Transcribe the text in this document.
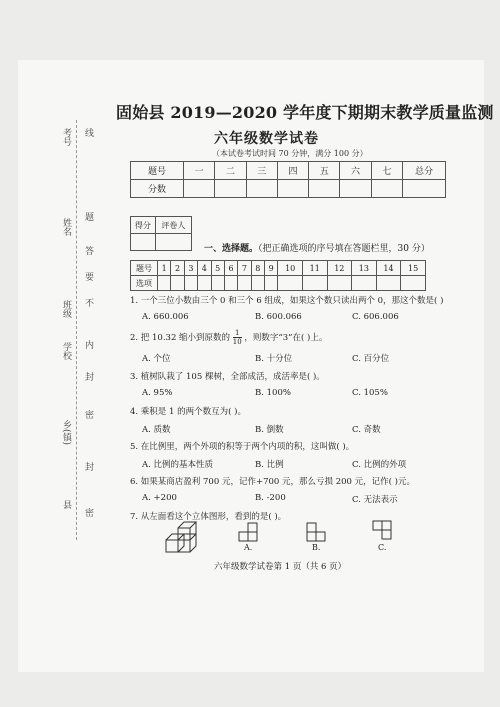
考号
姓名
班级
学校
乡(镇)
县
线
题
答
要
不
内
封
密
封
密
固始县 2019—2020 学年度下期期末教学质量监测
六年级数学试卷
（本试卷考试时间 70 分钟，满分 100 分）
题号	一	二	三	四	五	六	七	总分
分数								
得分	评卷人

一、选择题。（把正确选项的序号填在答题栏里，30 分）
题号	1	2	3	4	5	6	7	8	9	10	11	12	13	14	15
选项															
1. 一个三位小数由三个 0 和三个 6 组成，如果这个数只读出两个 0，那这个数是( )
A. 660.006	B. 600.066	C. 606.006
2. 把 10.32 缩小到原数的 $\frac{1}{10}$ ，则数字“3”在( )上。
A. 个位	B. 十分位	C. 百分位
3. 植树队栽了 105 棵树，全部成活，成活率是( )。
A. 95%	B. 100%	C. 105%
4. 乘积是 1 的两个数互为( )。
A. 质数	B. 倒数	C. 奇数
5. 在比例里，两个外项的积等于两个内项的积，这叫做( )。
A. 比例的基本性质	B. 比例	C. 比例的外项
6. 如果某商店盈利 700 元，记作+700 元，那么亏损 200 元，记作( )元。
A. +200	B. -200	C. 无法表示
7. 从左面看这个立体图形，看到的是( )。
A.	B.	C.
六年级数学试卷第 1 页（共 6 页）
